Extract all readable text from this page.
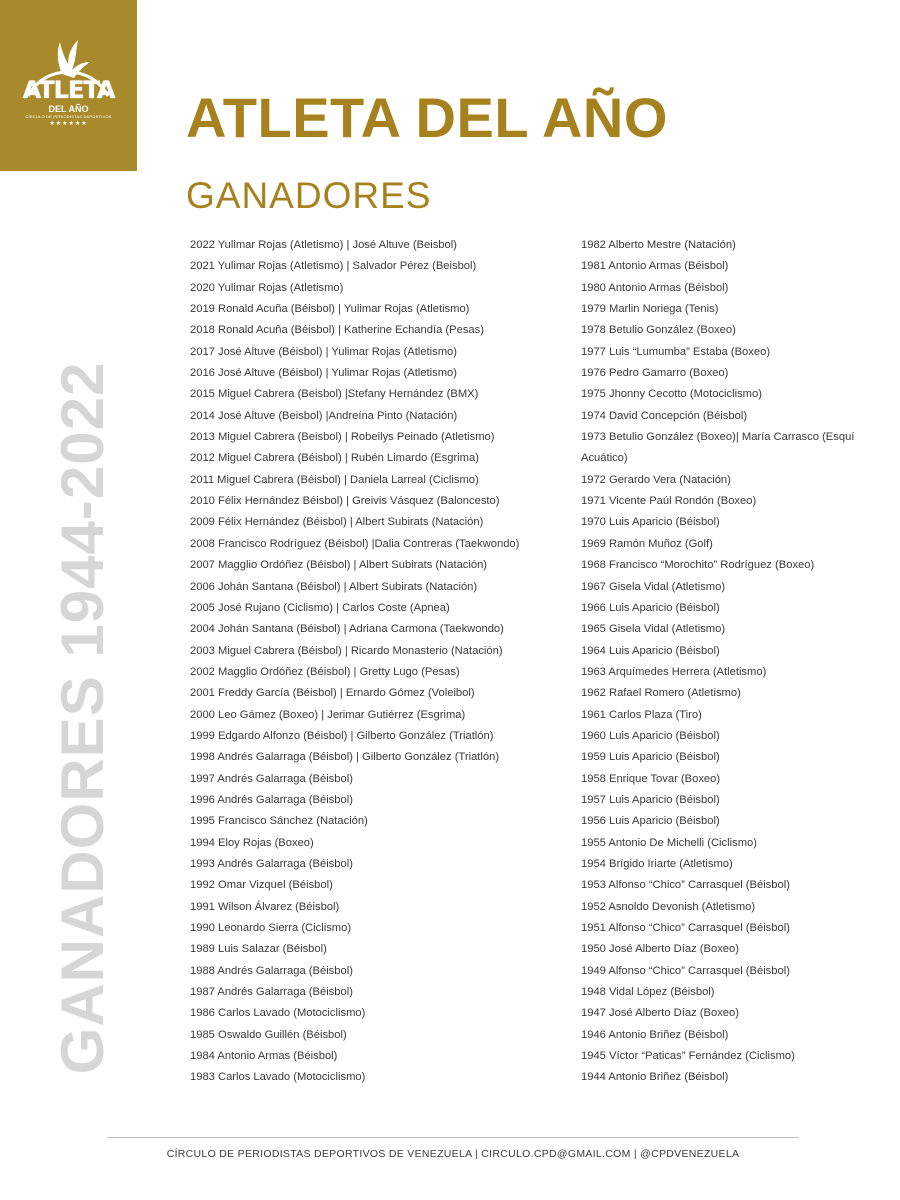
ATLETA
DEL AÑO
CÍRCULO DE PERIODISTAS DEPORTIVOS
★★★★★★	ATLETA DEL AÑO
GANADORES
GANADORES 1944-2022
2022 Yulimar Rojas (Atletismo) | José Altuve (Beisbol)
2021 Yulimar Rojas (Atletismo) | Salvador Pérez (Beisbol)
2020 Yulimar Rojas (Atletismo)
2019 Ronald Acuña (Béisbol) | Yulimar Rojas (Atletismo)
2018 Ronald Acuña (Béisbol) | Katherine Echandía (Pesas)
2017 José Altuve (Béisbol) | Yulimar Rojas (Atletismo)
2016 José Altuve (Béisbol) | Yulimar Rojas (Atletismo)
2015 Miguel Cabrera (Beisbol) |Stefany Hernández (BMX)
2014 José Altuve (Beisbol) |Andreína Pinto (Natación)
2013 Miguel Cabrera (Beisbol) | Robeilys Peinado (Atletismo)
2012 Miguel Cabrera (Béisbol) | Rubén Limardo (Esgrima)
2011 Miguel Cabrera (Béisbol) | Daniela Larreal (Ciclismo)
2010 Félix Hernández Béisbol) | Greivis Vásquez (Baloncesto)
2009 Félix Hernández (Béisbol) | Albert Subirats (Natación)
2008 Francisco Rodríguez (Béisbol) |Dalia Contreras (Taekwondo)
2007 Magglio Ordóñez (Béisbol) | Albert Subirats (Natación)
2006 Johán Santana (Béisbol) | Albert Subirats (Natación)
2005 José Rujano (Ciclismo) | Carlos Coste (Apnea)
2004 Johán Santana (Béisbol) | Adriana Carmona (Taekwondo)
2003 Miguel Cabrera (Béisbol) | Ricardo Monasterio (Natación)
2002 Magglio Ordóñez (Béisbol) | Gretty Lugo (Pesas)
2001 Freddy García (Béisbol) | Ernardo Gómez (Voleibol)
2000 Leo Gámez (Boxeo) | Jerimar Gutiérrez (Esgrima)
1999 Edgardo Alfonzo (Béisbol) | Gilberto González (Triatlón)
1998 Andrés Galarraga (Béisbol) | Gilberto González (Triatlón)
1997 Andrés Galarraga (Béisbol)
1996 Andrés Galarraga (Béisbol)
1995 Francisco Sánchez (Natación)
1994 Eloy Rojas (Boxeo)
1993 Andrés Galarraga (Béisbol)
1992 Omar Vizquel (Béisbol)
1991 Wilson Álvarez (Béisbol)
1990 Leonardo Sierra (Ciclismo)
1989 Luis Salazar (Béisbol)
1988 Andrés Galarraga (Béisbol)
1987 Andrés Galarraga (Béisbol)
1986 Carlos Lavado (Motociclismo)
1985 Oswaldo Guillén (Béisbol)
1984 Antonio Armas (Béisbol)
1983 Carlos Lavado (Motociclismo)
1982 Alberto Mestre (Natación)
1981 Antonio Armas (Béisbol)
1980 Antonio Armas (Béisbol)
1979 Marlin Noriega (Tenis)
1978 Betulio González (Boxeo)
1977 Luis “Lumumba” Estaba (Boxeo)
1976 Pedro Gamarro (Boxeo)
1975 Jhonny Cecotto (Motociclismo)
1974 David Concepción (Béisbol)
1973 Betulio González (Boxeo)| María Carrasco (Esquí Acuático)
1972 Gerardo Vera (Natación)
1971 Vicente Paúl Rondón (Boxeo)
1970 Luis Aparicio (Béisbol)
1969 Ramón Muñoz (Golf)
1968 Francisco “Morochito” Rodríguez (Boxeo)
1967 Gisela Vidal (Atletismo)
1966 Luis Aparicio (Béisbol)
1965 Gisela Vidal (Atletismo)
1964 Luis Aparicio (Béisbol)
1963 Arquímedes Herrera (Atletismo)
1962 Rafael Romero (Atletismo)
1961 Carlos Plaza (Tiro)
1960 Luis Aparicio (Béisbol)
1959 Luis Aparicio (Béisbol)
1958 Enrique Tovar (Boxeo)
1957 Luis Aparicio (Béisbol)
1956 Luis Aparicio (Béisbol)
1955 Antonio De Michelli (Ciclismo)
1954 Brígido Iriarte (Atletismo)
1953 Alfonso “Chico” Carrasquel (Béisbol)
1952 Asnoldo Devonish (Atletismo)
1951 Alfonso “Chico” Carrasquel (Béisbol)
1950 José Alberto Díaz (Boxeo)
1949 Alfonso “Chico” Carrasquel (Béisbol)
1948 Vidal López (Béisbol)
1947 José Alberto Díaz (Boxeo)
1946 Antonio Briñez (Béisbol)
1945 Víctor “Paticas” Fernández (Ciclismo)
1944 Antonio Briñez (Béisbol)
CÍRCULO DE PERIODISTAS DEPORTIVOS DE VENEZUELA | CIRCULO.CPD@GMAIL.COM | @CPDVENEZUELA
